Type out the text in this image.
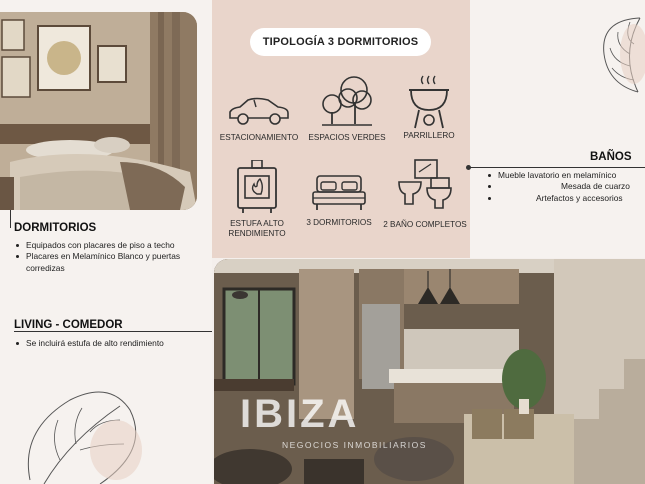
TIPOLOGÍA 3 DORMITORIOS
ESTACIONAMIENTO	ESPACIOS VERDES	PARRILLERO
ESTUFA ALTO RENDIMIENTO
3 DORMITORIOS	2 BAÑO COMPLETOS
BAÑOS
Mueble lavatorio en melamínico
Mesada de cuarzo
Artefactos y accesorios
DORMITORIOS
Equipados con placares de piso a techo
Placares en Melamínico Blanco y puertas corredizas
LIVING - COMEDOR
Se incluirá estufa de alto rendimiento
IBIZA
NEGOCIOS INMOBILIARIOS
